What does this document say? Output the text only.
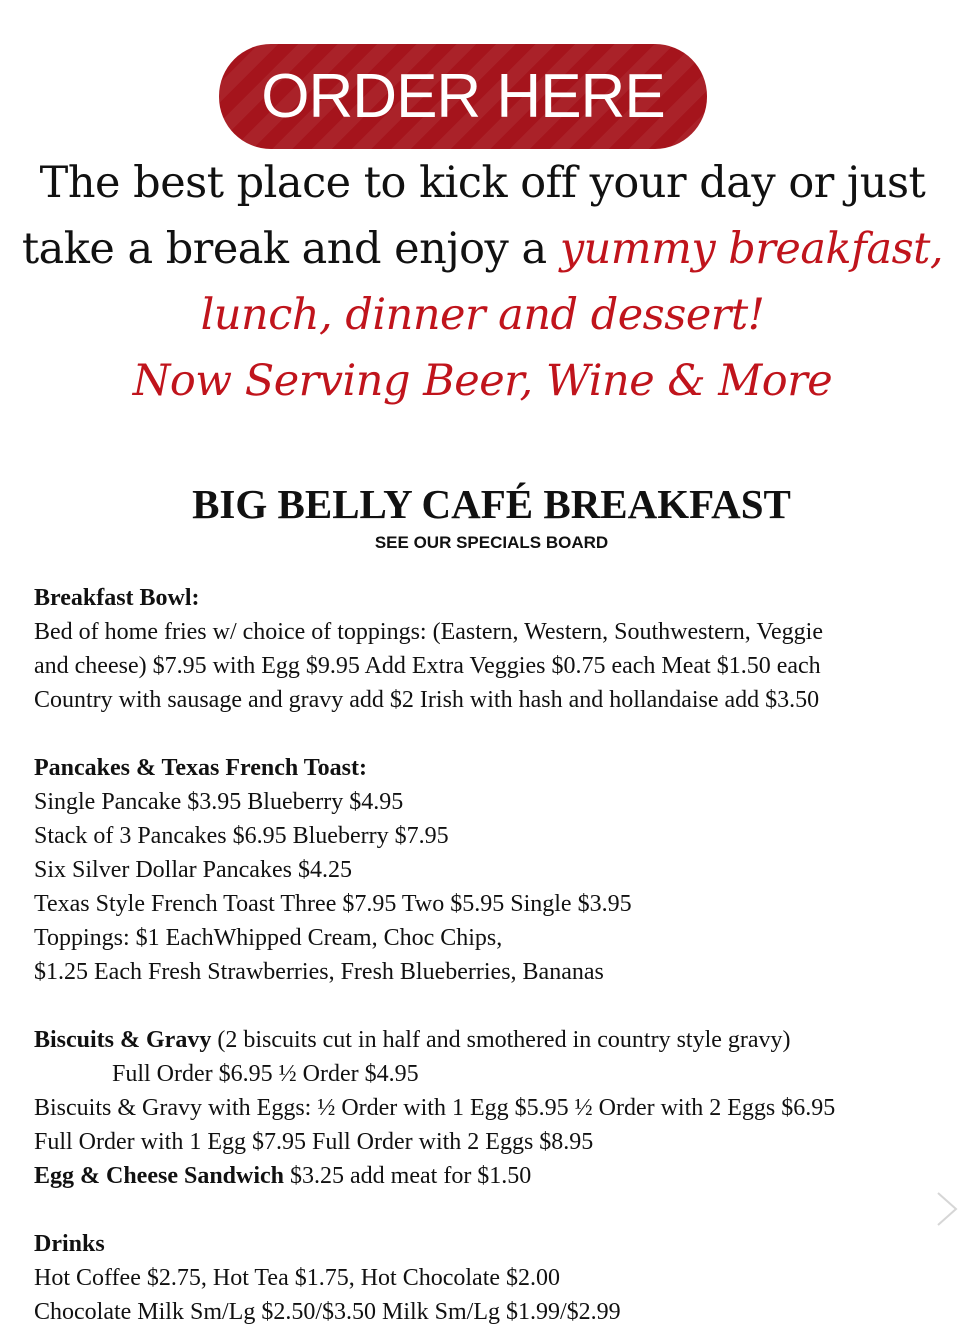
ORDER HERE
The best place to kick off your day or just take a break and enjoy a yummy breakfast, lunch, dinner and dessert!
Now Serving Beer, Wine & More
BIG BELLY CAFÉ BREAKFAST
SEE OUR SPECIALS BOARD
Breakfast Bowl:
Bed of home fries w/ choice of toppings: (Eastern, Western, Southwestern, Veggie
and cheese) $7.95 with Egg $9.95 Add Extra Veggies $0.75 each Meat $1.50 each
Country with sausage and gravy add $2 Irish with hash and hollandaise add $3.50
Pancakes & Texas French Toast:
Single Pancake $3.95 Blueberry $4.95
Stack of 3 Pancakes $6.95 Blueberry $7.95
Six Silver Dollar Pancakes $4.25
Texas Style French Toast Three $7.95 Two $5.95 Single $3.95
Toppings: $1 EachWhipped Cream, Choc Chips,
$1.25 Each Fresh Strawberries, Fresh Blueberries, Bananas
Biscuits & Gravy (2 biscuits cut in half and smothered in country style gravy)
Full Order $6.95 ½ Order $4.95
Biscuits & Gravy with Eggs: ½ Order with 1 Egg $5.95 ½ Order with 2 Eggs $6.95
Full Order with 1 Egg $7.95 Full Order with 2 Eggs $8.95
Egg & Cheese Sandwich $3.25 add meat for $1.50
Drinks
Hot Coffee $2.75, Hot Tea $1.75, Hot Chocolate $2.00
Chocolate Milk Sm/Lg $2.50/$3.50 Milk Sm/Lg $1.99/$2.99
